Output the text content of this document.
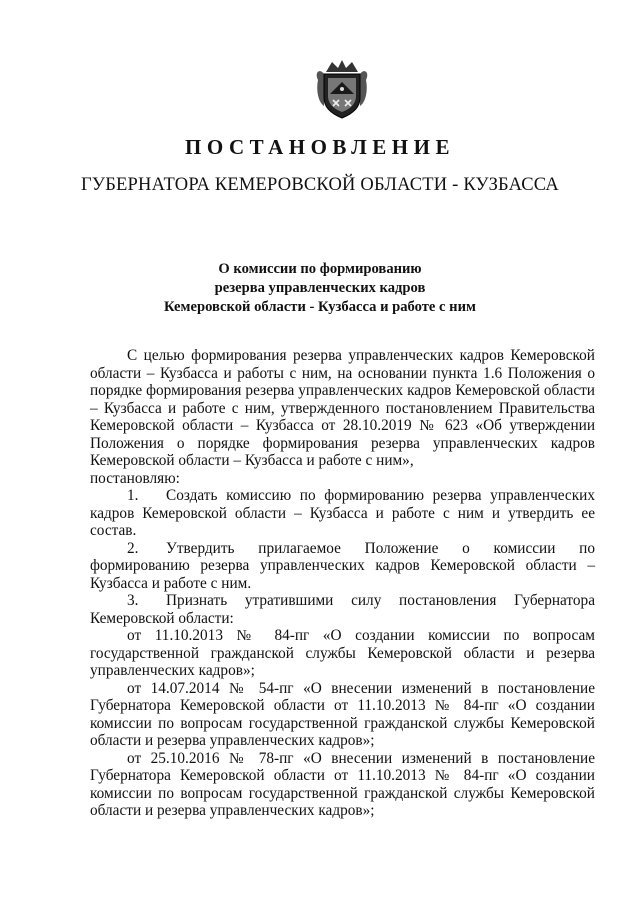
ПОСТАНОВЛЕНИЕ
ГУБЕРНАТОРА КЕМЕРОВСКОЙ ОБЛАСТИ - КУЗБАССА
О комиссии по формированию
резерва управленческих кадров
Кемеровской области - Кузбасса и работе с ним

С целью формирования резерва управленческих кадров Кемеровской области – Кузбасса и работы с ним, на основании пункта 1.6 Положения о порядке формирования резерва управленческих кадров Кемеровской области – Кузбасса и работе с ним, утвержденного постановлением Правительства Кемеровской области – Кузбасса от 28.10.2019 № 623 «Об утверждении Положения о порядке формирования резерва управленческих кадров Кемеровской области – Кузбасса и работе с ним»,

постановляю:

1. Создать комиссию по формированию резерва управленческих кадров Кемеровской области – Кузбасса и работе с ним и утвердить ее состав.

2. Утвердить прилагаемое Положение о комиссии по формированию резерва управленческих кадров Кемеровской области – Кузбасса и работе с ним.

3. Признать утратившими силу постановления Губернатора Кемеровской области:

от 11.10.2013 № 84-пг «О создании комиссии по вопросам государственной гражданской службы Кемеровской области и резерва управленческих кадров»;

от 14.07.2014 № 54-пг «О внесении изменений в постановление Губернатора Кемеровской области от 11.10.2013 № 84-пг «О создании комиссии по вопросам государственной гражданской службы Кемеровской области и резерва управленческих кадров»;

от 25.10.2016 № 78-пг «О внесении изменений в постановление Губернатора Кемеровской области от 11.10.2013 № 84-пг «О создании комиссии по вопросам государственной гражданской службы Кемеровской области и резерва управленческих кадров»;
